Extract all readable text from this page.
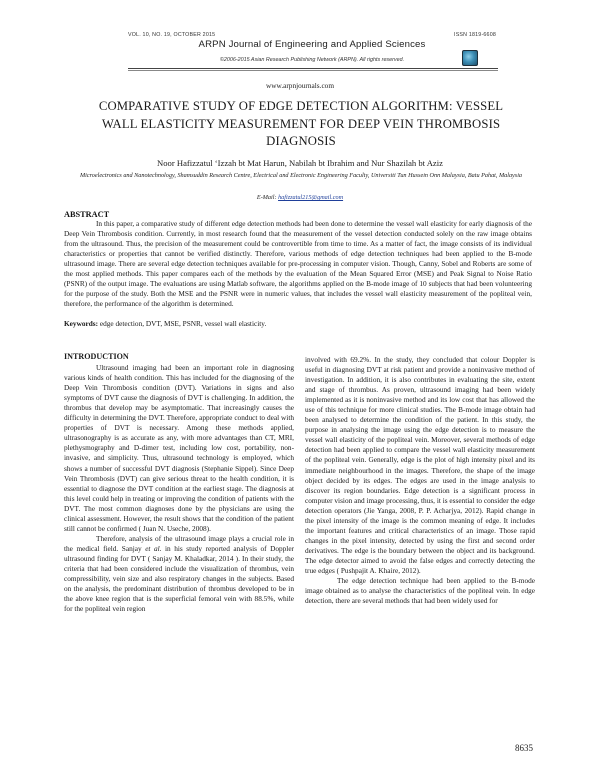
VOL. 10, NO. 19, OCTOBER 2015	ISSN 1819-6608
ARPN Journal of Engineering and Applied Sciences
©2006-2015 Asian Research Publishing Network (ARPN). All rights reserved.
www.arpnjournals.com
COMPARATIVE STUDY OF EDGE DETECTION ALGORITHM: VESSEL WALL ELASTICITY MEASUREMENT FOR DEEP VEIN THROMBOSIS DIAGNOSIS
Noor Hafizzatul ‘Izzah bt Mat Harun, Nabilah bt Ibrahim and Nur Shazilah bt Aziz
Microelectronics and Nanotechnology, Shamsuddin Research Centre, Electrical and Electronic Engineering Faculty, Universiti Tun Hussein Onn Malaysia, Batu Pahat, Malaysia
E-Mail: hafizzatul215@gmail.com
ABSTRACT
In this paper, a comparative study of different edge detection methods had been done to determine the vessel wall elasticity for early diagnosis of the Deep Vein Thrombosis condition. Currently, in most research found that the measurement of the vessel detection conducted solely on the raw image obtains from the ultrasound. Thus, the precision of the measurement could be controvertible from time to time. As a matter of fact, the image consists of its individual characteristics or properties that cannot be verified distinctly. Therefore, various methods of edge detection techniques had been applied to the B-mode ultrasound image. There are several edge detection techniques available for pre-processing in computer vision. Though, Canny, Sobel and Roberts are some of the most applied methods. This paper compares each of the methods by the evaluation of the Mean Squared Error (MSE) and Peak Signal to Noise Ratio (PSNR) of the output image. The evaluations are using Matlab software, the algorithms applied on the B-mode image of 10 subjects that had been volunteering for the purpose of the study. Both the MSE and the PSNR were in numeric values, that includes the vessel wall elasticity measurement of the popliteal vein, therefore, the performance of the algorithm is determined.
Keywords: edge detection, DVT, MSE, PSNR, vessel wall elasticity.
INTRODUCTION

Ultrasound imaging had been an important role in diagnosing various kinds of health condition. This has included for the diagnosing of the Deep Vein Thrombosis condition (DVT). Variations in signs and also symptoms of DVT cause the diagnosis of DVT is challenging. In addition, the thrombus that develop may be asymptomatic. That increasingly causes the difficulty in determining the DVT. Therefore, appropriate conduct to deal with properties of DVT is necessary. Among these methods applied, ultrasonography is as accurate as any, with more advantages than CT, MRI, plethysmography and D-dimer test, including low cost, portability, non-invasive, and simplicity. Thus, ultrasound technology is employed, which shows a number of successful DVT diagnosis (Stephanie Sippel). Since Deep Vein Thrombosis (DVT) can give serious threat to the health condition, it is essential to diagnose the DVT condition at the earliest stage. The diagnosis at this level could help in treating or improving the condition of patients with the DVT. The most common diagnoses done by the physicians are using the clinical assessment. However, the result shows that the condition of the patient still cannot be confirmed ( Juan N. Useche, 2008).

Therefore, analysis of the ultrasound image plays a crucial role in the medical field. Sanjay et al. in his study reported analysis of Doppler ultrasound finding for DVT ( Sanjay M. Khaladkar, 2014 ). In their study, the criteria that had been considered include the visualization of thrombus, vein compressibility, vein size and also respiratory changes in the subjects. Based on the analysis, the predominant distribution of thrombus developed to be in the above knee region that is the superficial femoral vein with 88.5%, while for the popliteal vein region

involved with 69.2%. In the study, they concluded that colour Doppler is useful in diagnosing DVT at risk patient and provide a noninvasive method of investigation. In addition, it is also contributes in evaluating the site, extent and stage of thrombus. As proven, ultrasound imaging had been widely implemented as it is noninvasive method and its low cost that has allowed the use of this technique for more clinical studies. The B-mode image obtain had been analysed to determine the condition of the patient. In this study, the purpose in analysing the image using the edge detection is to measure the vessel wall elasticity of the popliteal vein. Moreover, several methods of edge detection had been applied to compare the vessel wall elasticity measurement of the popliteal vein. Generally, edge is the plot of high intensity pixel and its immediate neighbourhood in the images. Therefore, the shape of the image object decided by its edges. The edges are used in the image analysis to discover its region boundaries. Edge detection is a significant process in computer vision and image processing, thus, it is essential to consider the edge detection operators (Jie Yanga, 2008, P. P. Acharjya, 2012). Rapid change in the pixel intensity of the image is the common meaning of edge. It includes the important features and critical characteristics of an image. Those rapid changes in the pixel intensity, detected by using the first and second order derivatives. The edge is the boundary between the object and its background. The edge detector aimed to avoid the false edges and correctly detecting the true edges ( Pushpajit A. Khaire, 2012).

The edge detection technique had been applied to the B-mode image obtained as to analyse the characteristics of the popliteal vein. In edge detection, there are several methods that had been widely used for

8635
